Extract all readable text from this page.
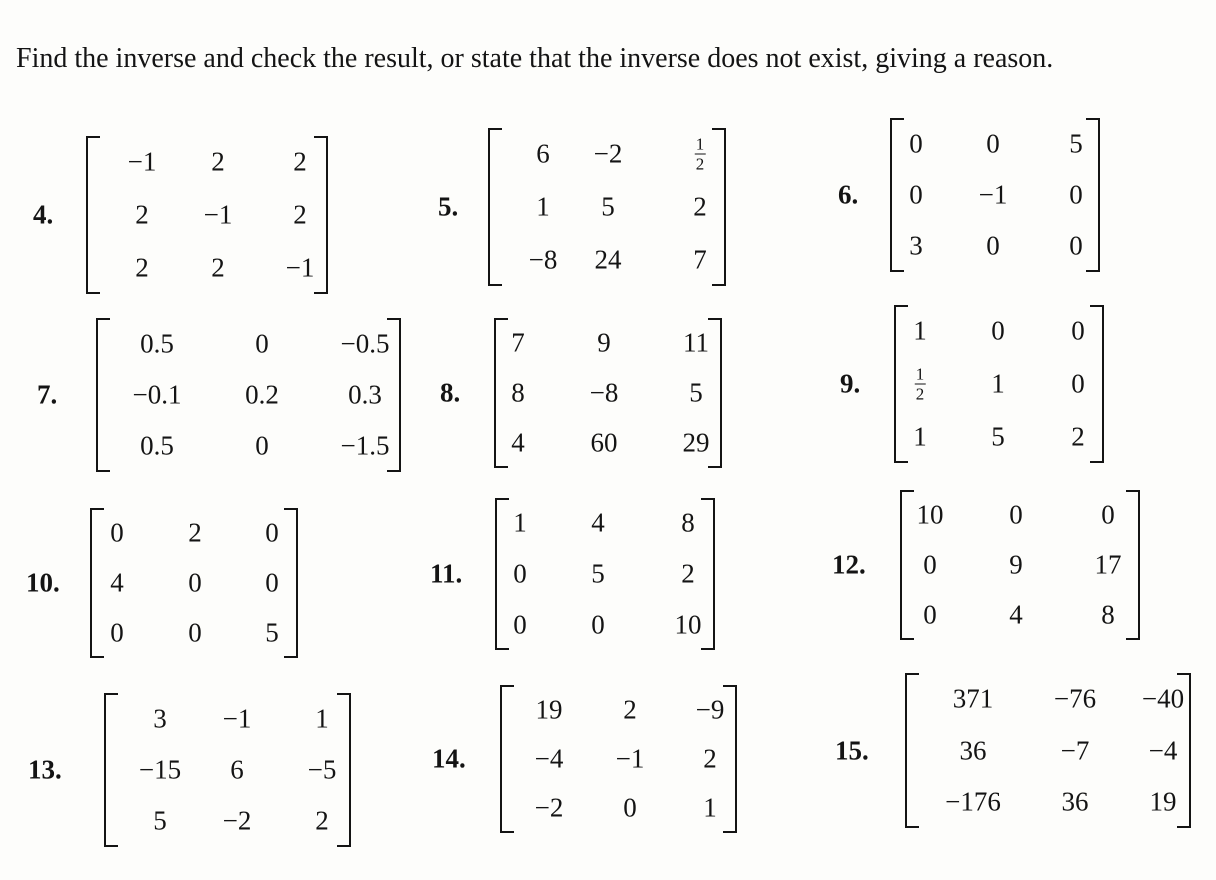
Find the inverse and check the result, or state that the inverse does not exist, giving a reason.

4.
−1 2	2
2 −1 2
2 2 −1
5.
6 −2	$\frac{1}{2}$
1 5	2
−8 24	7
6.
0 0	5
0 −1 0
3 0	0
7.
0.5	0	−0.5
−0.1 0.2	0.3
0.5	0	−1.5
8.
7	9	11
8 −8	5
4 60 29
9.
1 0 0
$\frac{1}{2} 1$ 0
1 5 2
10.
0 2 0
4 0 0
0 0 5
11.
1 4	8
0 5	2
0 0	10
12.
10 0	0
0	9	17
0	4	8
13.
3 −1 1
−15 6 −5
5 −2 2
14.
19 2 −9
−4 −1 2
−2 0 1
15.
371 −76 −40
36	−7 −4
−176 36 19
